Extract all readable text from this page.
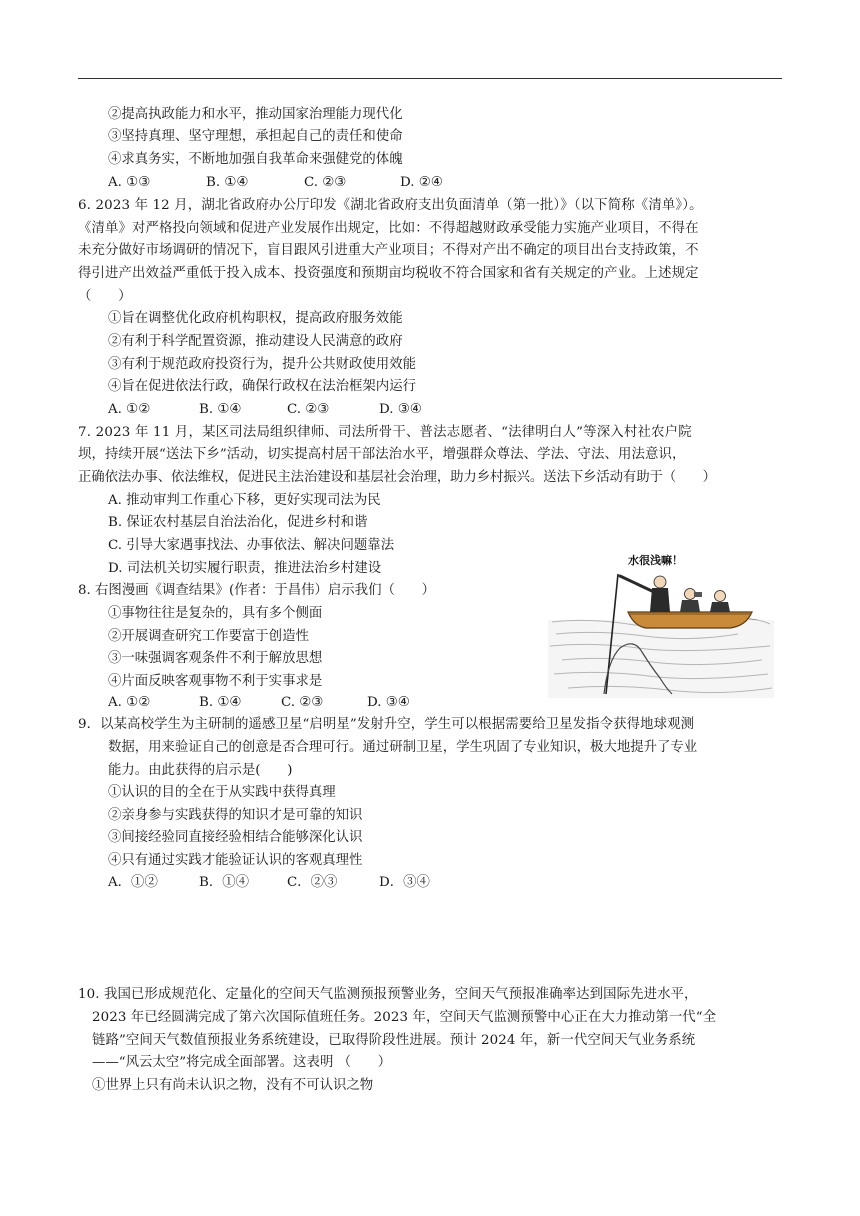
②提高执政能力和水平，推动国家治理能力现代化
③坚持真理、坚守理想，承担起自己的责任和使命
④求真务实，不断地加强自我革命来强健党的体魄
A. ①③	B. ①④	C. ②③	D. ②④
6. 2023 年 12 月，湖北省政府办公厅印发《湖北省政府支出负面清单（第一批）》（以下简称《清单》）。
《清单》对严格投向领域和促进产业发展作出规定，比如：不得超越财政承受能力实施产业项目，不得在
未充分做好市场调研的情况下，盲目跟风引进重大产业项目；不得对产出不确定的项目出台支持政策，不
得引进产出效益严重低于投入成本、投资强度和预期亩均税收不符合国家和省有关规定的产业。上述规定
（　　）
①旨在调整优化政府机构职权，提高政府服务效能
②有利于科学配置资源，推动建设人民满意的政府
③有利于规范政府投资行为，提升公共财政使用效能
④旨在促进依法行政，确保行政权在法治框架内运行
A. ①②	B. ①④	C. ②③	D. ③④
7. 2023 年 11 月，某区司法局组织律师、司法所骨干、普法志愿者、“法律明白人”等深入村社农户院
坝，持续开展“送法下乡”活动，切实提高村居干部法治水平，增强群众尊法、学法、守法、用法意识，
正确依法办事、依法维权，促进民主法治建设和基层社会治理，助力乡村振兴。送法下乡活动有助于（　　）
A. 推动审判工作重心下移，更好实现司法为民
B. 保证农村基层自治法治化，促进乡村和谐
C. 引导大家遇事找法、办事依法、解决问题靠法
D. 司法机关切实履行职责，推进法治乡村建设
8. 右图漫画《调查结果》(作者：于昌伟）启示我们（　　）
①事物往往是复杂的，具有多个侧面
②开展调查研究工作要富于创造性
③一味强调客观条件不利于解放思想
④片面反映客观事物不利于实事求是
A. ①②	B. ①④	C. ②③	D. ③④
水很浅嘛！
9．以某高校学生为主研制的遥感卫星“启明星”发射升空，学生可以根据需要给卫星发指令获得地球观测
数据，用来验证自己的创意是否合理可行。通过研制卫星，学生巩固了专业知识，极大地提升了专业
能力。由此获得的启示是(　　)
①认识的目的全在于从实践中获得真理
②亲身参与实践获得的知识才是可靠的知识
③间接经验同直接经验相结合能够深化认识
④只有通过实践才能验证认识的客观真理性
A．①②	B．①④	C．②③	D．③④
10. 我国已形成规范化、定量化的空间天气监测预报预警业务，空间天气预报准确率达到国际先进水平，
2023 年已经圆满完成了第六次国际值班任务。2023 年，空间天气监测预警中心正在大力推动第一代“全
链路”空间天气数值预报业务系统建设，已取得阶段性进展。预计 2024 年，新一代空间天气业务系统
——“风云太空”将完成全面部署。这表明 （　　）
①世界上只有尚未认识之物，没有不可认识之物
